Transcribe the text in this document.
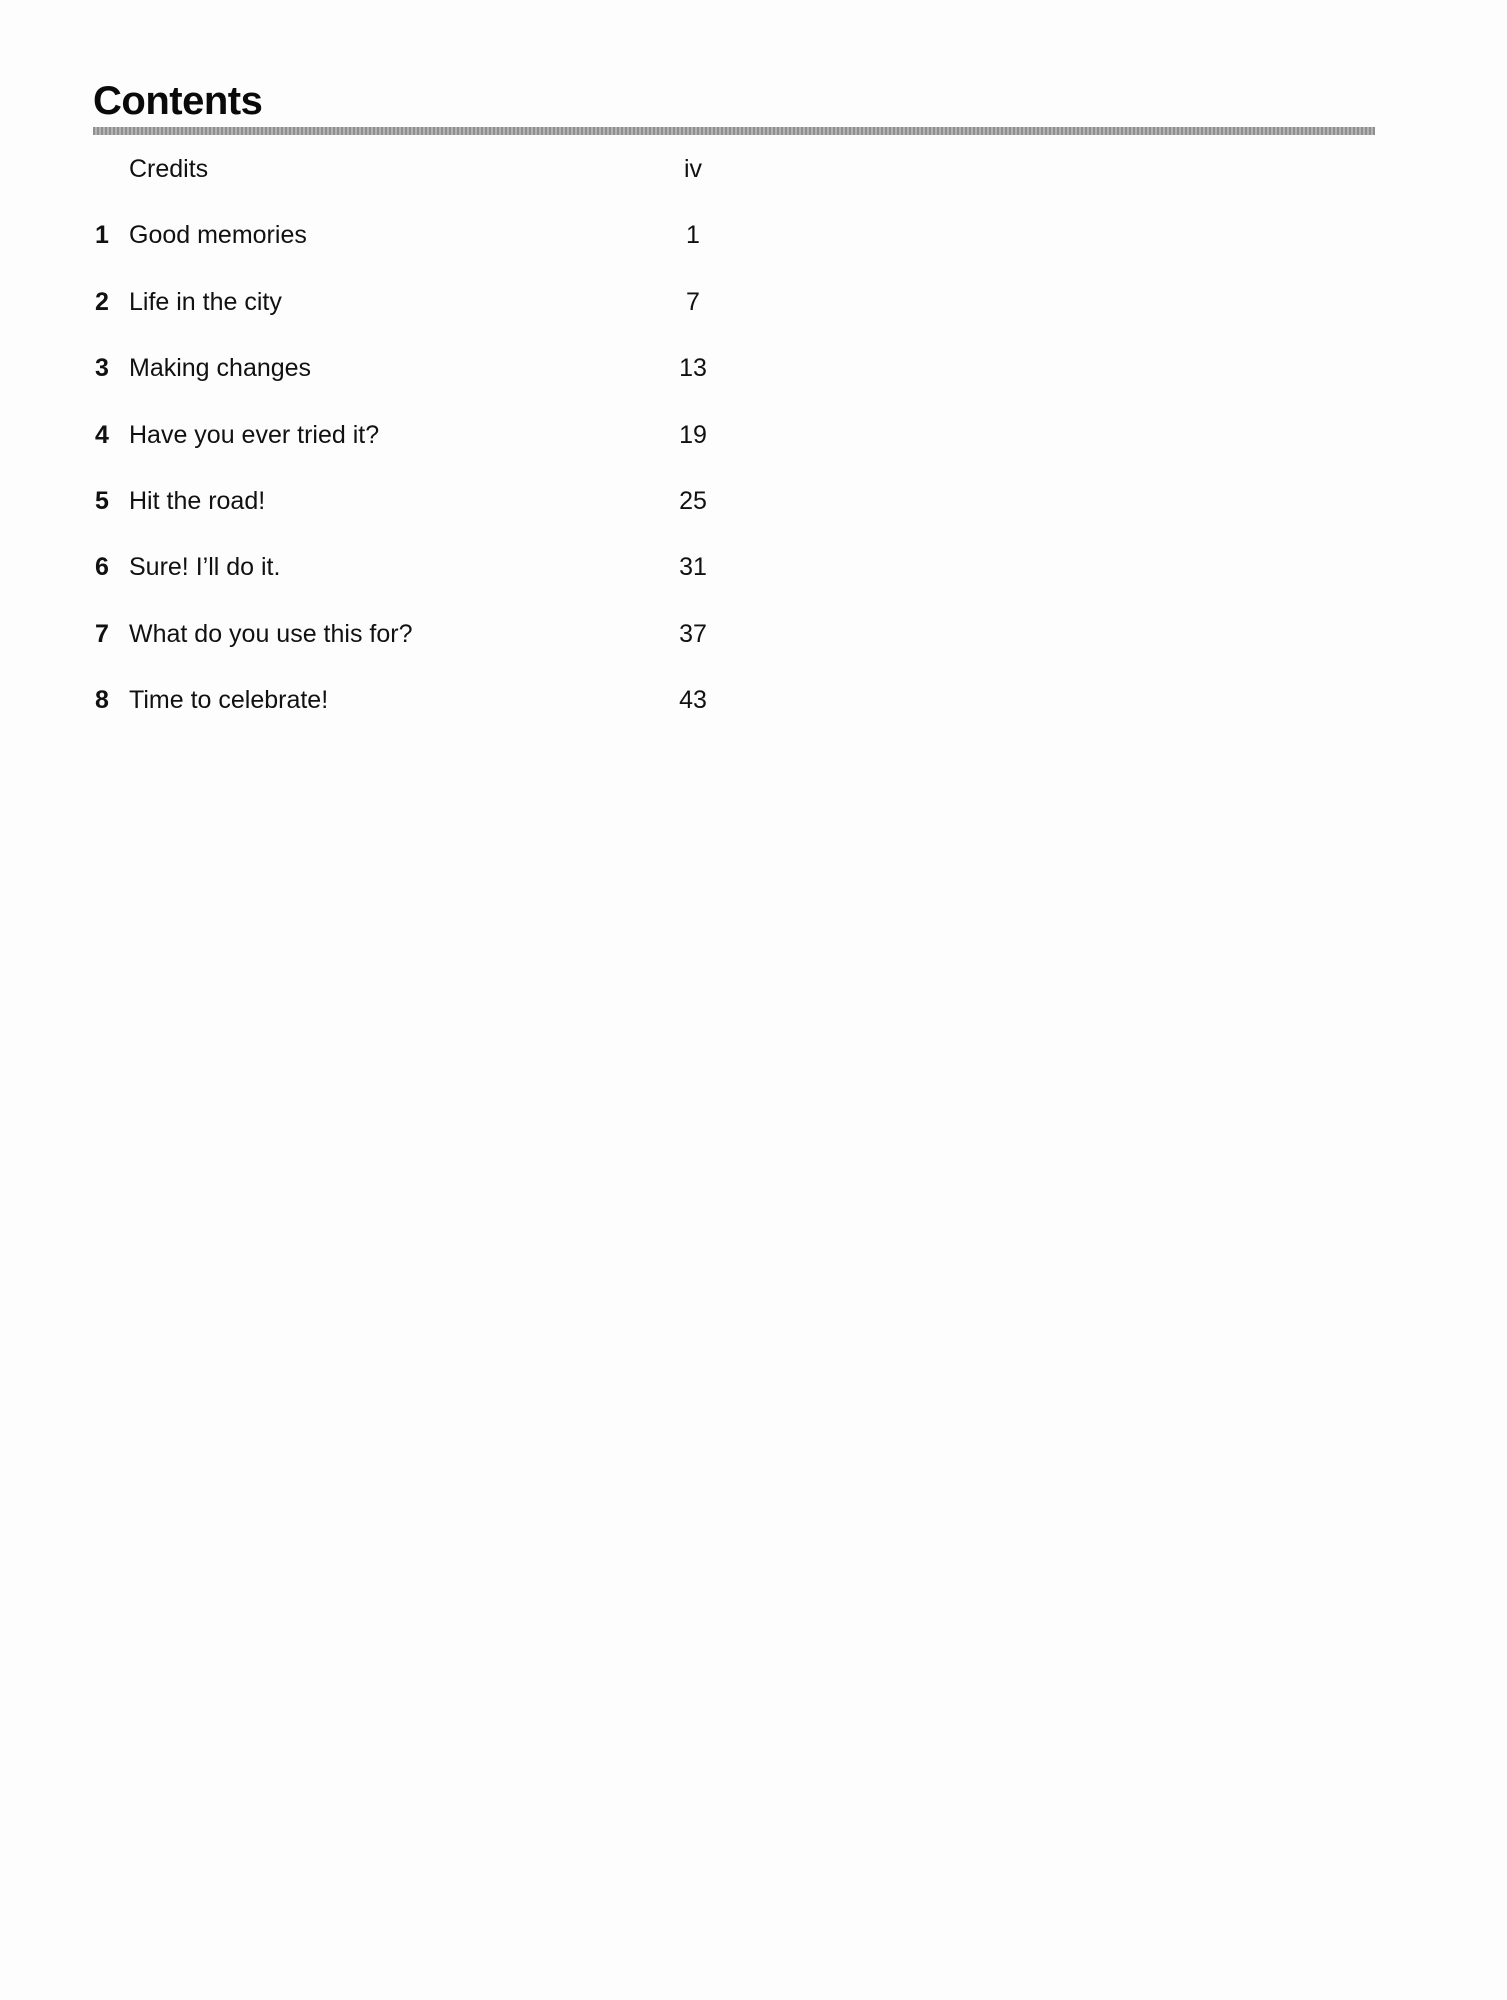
Contents
Credits	iv
1 Good memories	1
2 Life in the city	7
3 Making changes	13
4 Have you ever tried it?	19
5 Hit the road!	25
6 Sure! I’ll do it.	31
7 What do you use this for?	37
8 Time to celebrate!	43
